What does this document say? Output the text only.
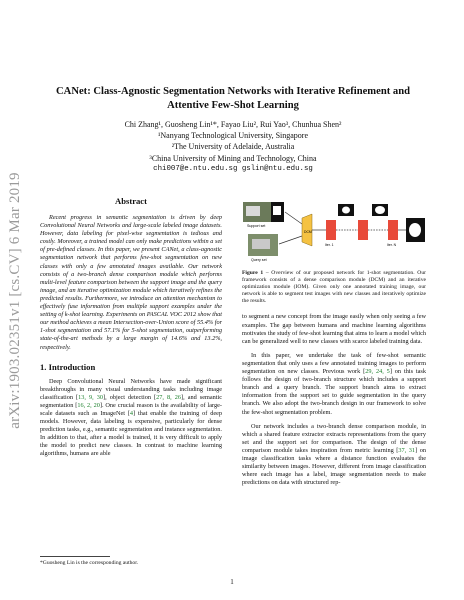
arXiv:1903.02351v1 [cs.CV] 6 Mar 2019
CANet: Class-Agnostic Segmentation Networks with Iterative Refinement and
Attentive Few-Shot Learning
Chi Zhang¹, Guosheng Lin¹*, Fayao Liu², Rui Yao³, Chunhua Shen²
¹Nanyang Technological University, Singapore
²The University of Adelaide, Australia
³China University of Mining and Technology, China
chi007@e.ntu.edu.sg gslin@ntu.edu.sg
Abstract

Recent progress in semantic segmentation is driven by deep Convolutional Neural Networks and large-scale labeled image datasets. However, data labeling for pixel-wise segmentation is tedious and costly. Moreover, a trained model can only make predictions within a set of pre-defined classes. In this paper, we present CANet, a class-agnostic segmentation network that performs few-shot segmentation on new classes with only a few annotated images available. Our network consists of a two-branch dense comparison module which performs multi-level feature comparison between the support image and the query image, and an iterative optimization module which iteratively refines the predicted results. Furthermore, we introduce an attention mechanism to effectively fuse information from multiple support examples under the setting of k-shot learning. Experiments on PASCAL VOC 2012 show that our method achieves a mean Intersection-over-Union score of 55.4% for 1-shot segmentation and 57.1% for 5-shot segmentation, outperforming state-of-the-art methods by a large margin of 14.6% and 13.2%, respectively.

1. Introduction

Deep Convolutional Neural Networks have made significant breakthroughs in many visual understanding tasks including image classification [13, 9, 30], object detection [27, 8, 26], and semantic segmentation [16, 2, 20]. One crucial reason is the availability of large-scale datasets such as ImageNet [4] that enable the training of deep models. However, data labeling is expensive, particularly for dense prediction tasks, e.g., semantic segmentation and instance segmentation. In addition to that, after a model is trained, it is very difficult to apply the model to predict new classes. In contrast to machine learning algorithms, humans are able

*Guosheng Lin is the corresponding author.
Support set
Query set
DCM
Iter. 1	Iter. N

Figure 1 – Overview of our proposed network for 1-shot segmentation. Our framework consists of a dense comparison module (DCM) and an iterative optimization module (IOM). Given only one annotated training image, our network is able to segment test images with new classes and iteratively optimize the results.

to segment a new concept from the image easily when only seeing a few examples. The gap between humans and machine learning algorithms motivates the study of few-shot learning that aims to learn a model which can be generalized well to new classes with scarce labeled training data.

In this paper, we undertake the task of few-shot semantic segmentation that only uses a few annotated training images to perform segmentation on new classes. Previous work [29, 24, 5] on this task follows the design of two-branch structure which includes a support branch and a query branch. The support branch aims to extract information from the support set to guide segmentation in the query branch. We also adopt the two-branch design in our framework to solve the few-shot segmentation problem.

Our network includes a two-branch dense comparison module, in which a shared feature extractor extracts representations from the query set and the support set for comparison. The design of the dense comparison module takes inspiration from metric learning [37, 31] on image classification tasks where a distance function evaluates the similarity between images. However, different from image classification where each image has a label, image segmentation needs to make predictions on data with structured rep-

1
